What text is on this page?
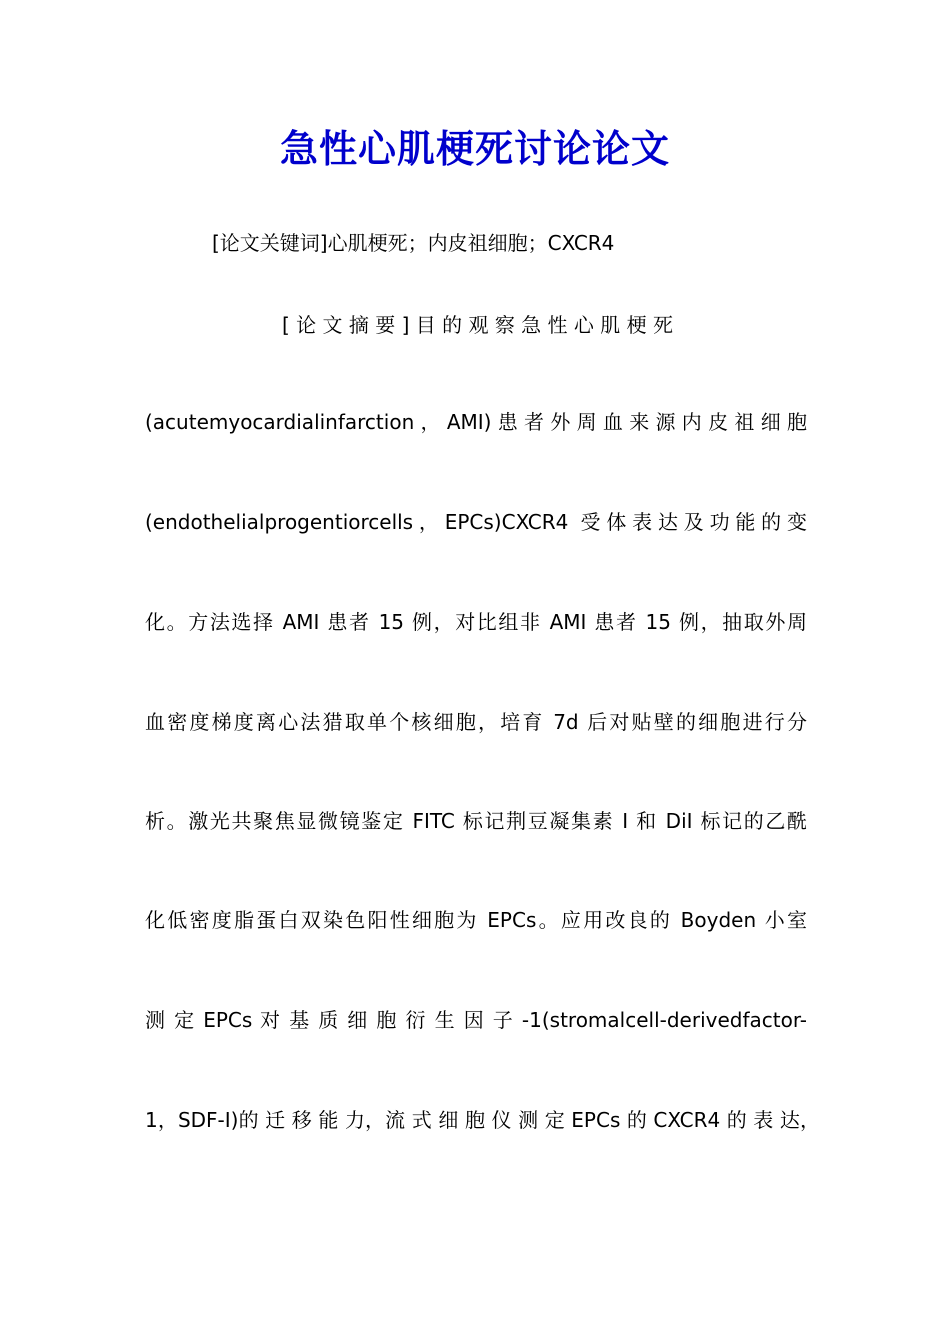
急性心肌梗死讨论论文
[论文关键词]心肌梗死；内皮祖细胞；CXCR4
[ 论 文 摘 要 ] 目 的 观 察 急 性 心 肌 梗 死
(acutemyocardialinfarction，AMI)患者外周血来源内皮祖细胞
(endothelialprogentiorcells，EPCs)CXCR4 受体表达及功能的变
化。方法选择 AMI 患者 15 例，对比组非 AMI 患者 15 例，抽取外周
血密度梯度离心法猎取单个核细胞，培育 7d 后对贴壁的细胞进行分
析。激光共聚焦显微镜鉴定 FITC 标记荆豆凝集素 I 和 DiI 标记的乙酰
化低密度脂蛋白双染色阳性细胞为 EPCs。应用改良的 Boyden 小室
测 定 EPCs 对 基 质 细 胞 衍 生 因 子 -1(stromalcell-derivedfactor-
1，SDF-I)的 迁 移 能 力，流 式 细 胞 仪 测 定 EPCs 的 CXCR4 的 表 达，
